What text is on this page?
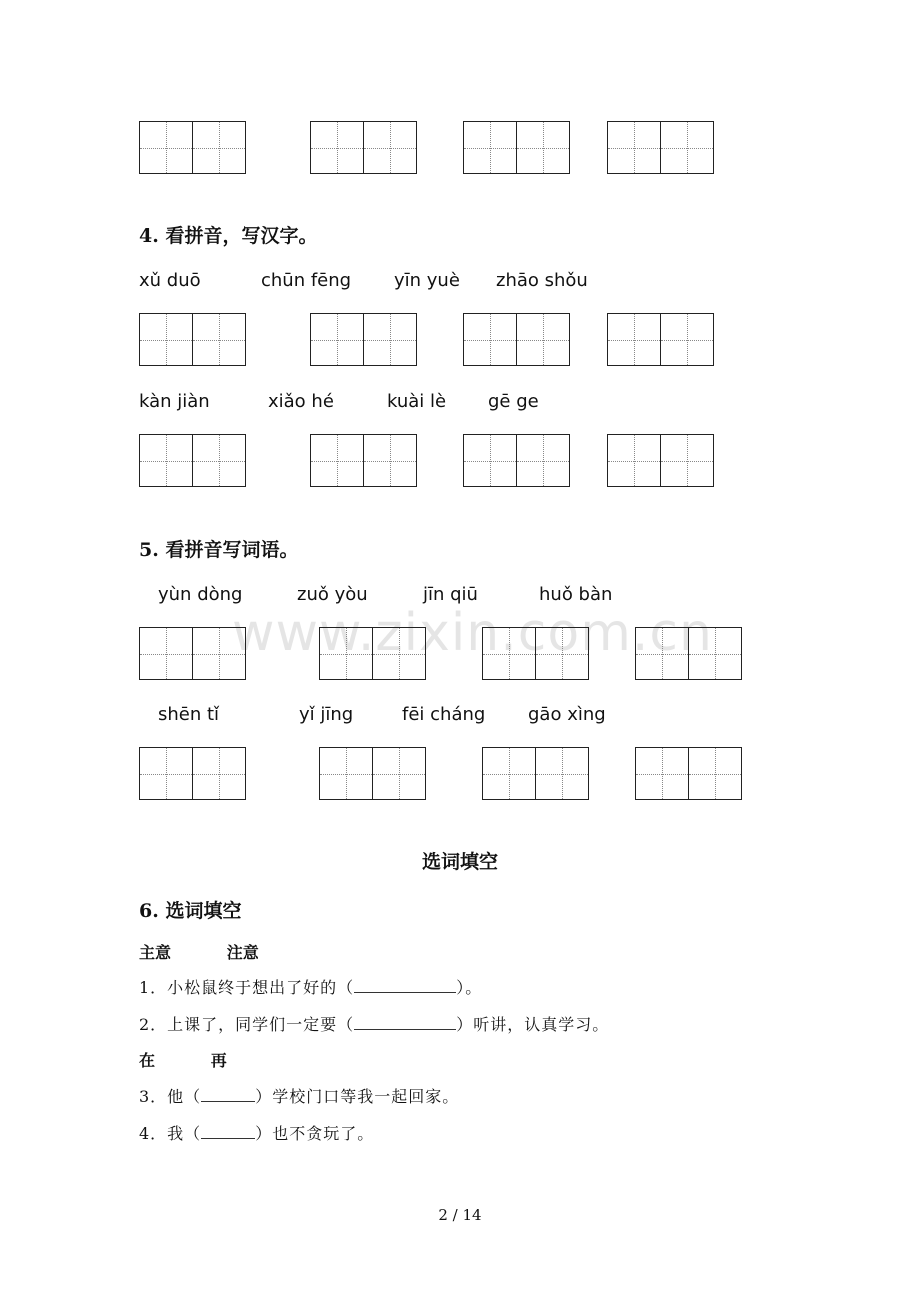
www.zixin.com.cn
4. 看拼音，写汉字。
xǔ duō	chūn fēng yīn yuè zhāo shǒu
kàn jiàn	xiǎo hé	kuài lè gē ge
5. 看拼音写词语。
yùn dòng	zuǒ yòu	jīn qiū	huǒ bàn
shēn tǐ	yǐ jīng	fēi cháng gāo xìng
选词填空
6. 选词填空
主意          注意
1．小松鼠终于想出了好的（	）。
2．上课了，同学们一定要（	）听讲，认真学习。
在          再
3．他（	）学校门口等我一起回家。
4．我（	）也不贪玩了。
2 / 14
